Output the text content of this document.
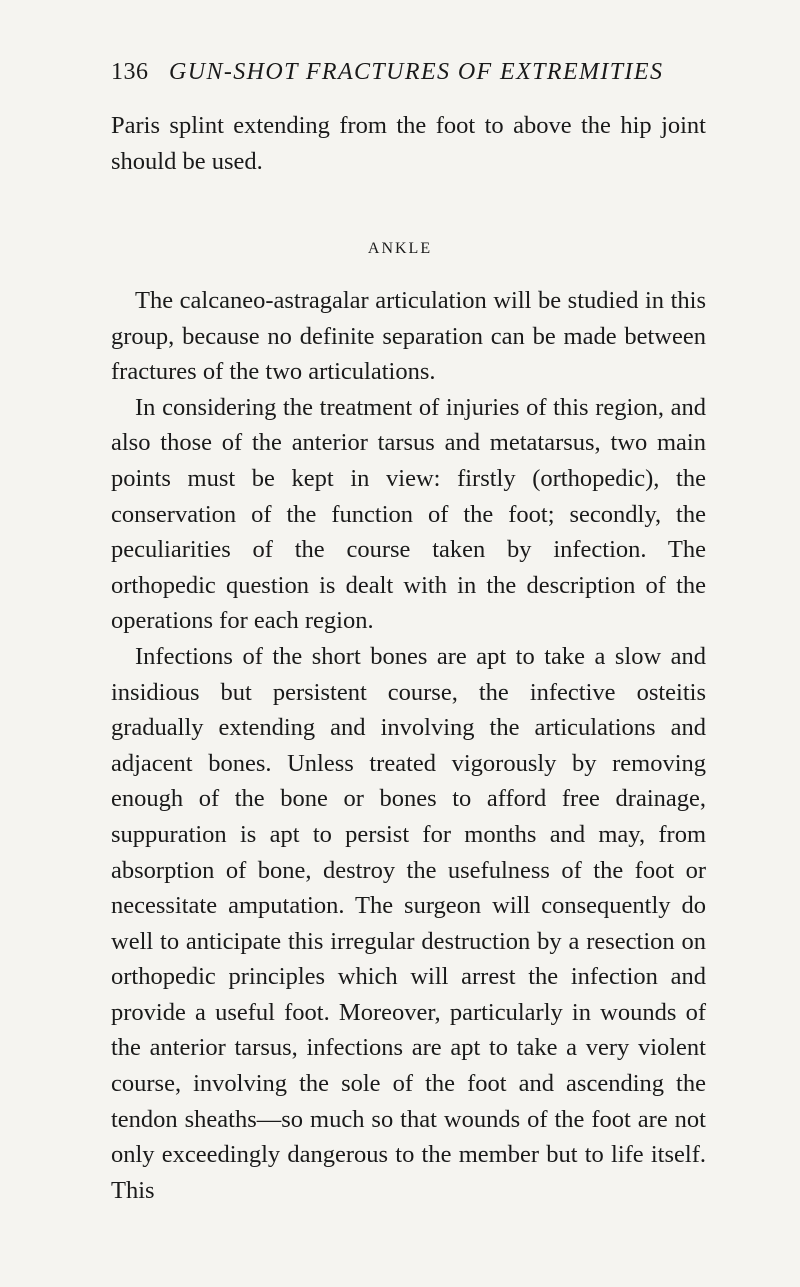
136 GUN-SHOT FRACTURES OF EXTREMITIES

Paris splint extending from the foot to above the hip joint should be used.

ANKLE

The calcaneo-astragalar articulation will be studied in this group, because no definite separation can be made between fractures of the two articulations.

In considering the treatment of injuries of this region, and also those of the anterior tarsus and metatarsus, two main points must be kept in view: firstly (orthopedic), the conservation of the function of the foot; secondly, the peculiarities of the course taken by infection. The orthopedic question is dealt with in the description of the operations for each region.

Infections of the short bones are apt to take a slow and insidious but persistent course, the infective osteitis gradually extending and involving the articulations and adjacent bones. Unless treated vigorously by removing enough of the bone or bones to afford free drainage, suppuration is apt to persist for months and may, from absorption of bone, destroy the usefulness of the foot or necessitate amputation. The surgeon will consequently do well to anticipate this irregular destruction by a resection on orthopedic principles which will arrest the infection and provide a useful foot. Moreover, particularly in wounds of the anterior tarsus, infections are apt to take a very violent course, involving the sole of the foot and ascending the tendon sheaths—so much so that wounds of the foot are not only exceedingly dangerous to the member but to life itself. This
